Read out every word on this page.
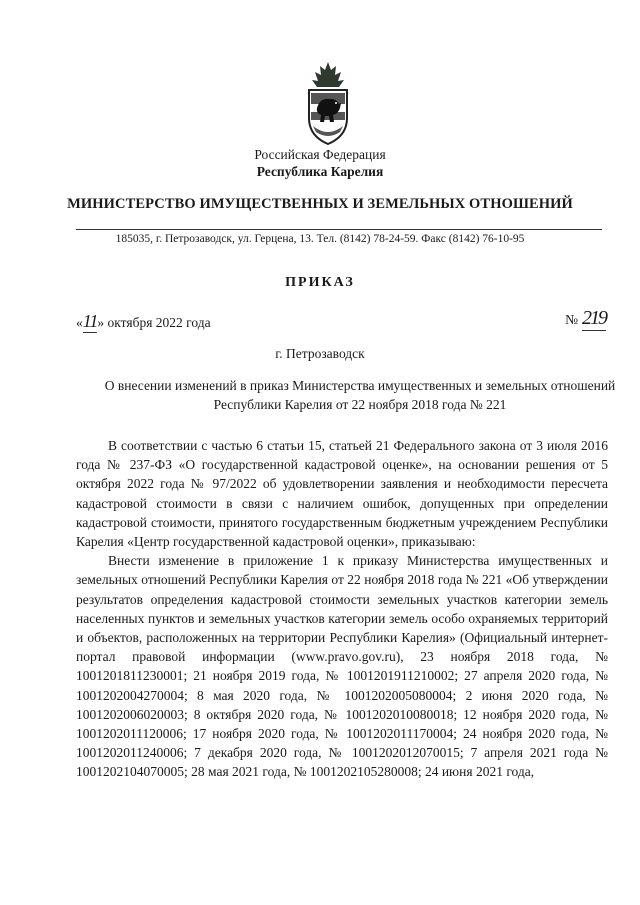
Российская Федерация
Республика Карелия
МИНИСТЕРСТВО ИМУЩЕСТВЕННЫХ И ЗЕМЕЛЬНЫХ ОТНОШЕНИЙ
185035, г. Петрозаводск, ул. Герцена, 13. Тел. (8142) 78-24-59. Факс (8142) 76-10-95
ПРИКАЗ
«11» октября 2022 года	№ 219
г. Петрозаводск
О внесении изменений в приказ Министерства имущественных и земельных отношений Республики Карелия от 22 ноября 2018 года № 221

В соответствии с частью 6 статьи 15, статьей 21 Федерального закона от 3 июля 2016 года № 237-ФЗ «О государственной кадастровой оценке», на основании решения от 5 октября 2022 года № 97/2022 об удовлетворении заявления и необходимости пересчета кадастровой стоимости в связи с наличием ошибок, допущенных при определении кадастровой стоимости, принятого государственным бюджетным учреждением Республики Карелия «Центр государственной кадастровой оценки», приказываю:

Внести изменение в приложение 1 к приказу Министерства имущественных и земельных отношений Республики Карелия от 22 ноября 2018 года № 221 «Об утверждении результатов определения кадастровой стоимости земельных участков категории земель населенных пунктов и земельных участков категории земель особо охраняемых территорий и объектов, расположенных на территории Республики Карелия» (Официальный интернет-портал правовой информации (www.pravo.gov.ru), 23 ноября 2018 года, № 1001201811230001; 21 ноября 2019 года, № 1001201911210002; 27 апреля 2020 года, № 1001202004270004; 8 мая 2020 года, № 1001202005080004; 2 июня 2020 года, № 1001202006020003; 8 октября 2020 года, № 1001202010080018; 12 ноября 2020 года, № 1001202011120006; 17 ноября 2020 года, № 1001202011170004; 24 ноября 2020 года, № 1001202011240006; 7 декабря 2020 года, № 1001202012070015; 7 апреля 2021 года № 1001202104070005; 28 мая 2021 года, № 1001202105280008; 24 июня 2021 года,
